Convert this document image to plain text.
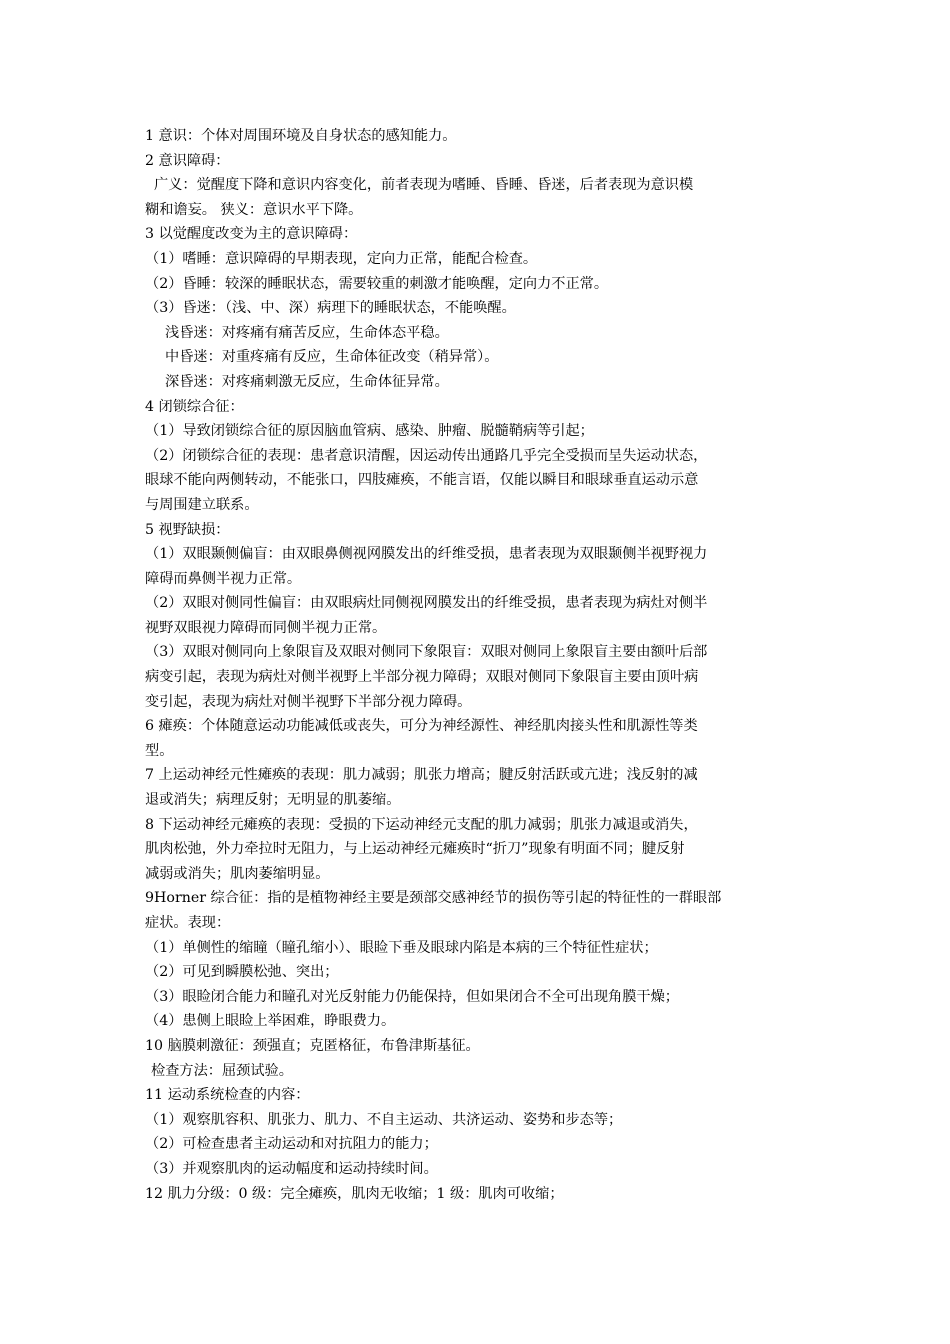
1 意识：个体对周围环境及自身状态的感知能力。
2 意识障碍：
广义：觉醒度下降和意识内容变化，前者表现为嗜睡、昏睡、昏迷，后者表现为意识模
糊和谵妄。 狭义：意识水平下降。
3 以觉醒度改变为主的意识障碍：
（1）嗜睡：意识障碍的早期表现，定向力正常，能配合检查。
（2）昏睡：较深的睡眠状态，需要较重的刺激才能唤醒，定向力不正常。
（3）昏迷：（浅、中、深）病理下的睡眠状态，不能唤醒。
浅昏迷：对疼痛有痛苦反应，生命体态平稳。
中昏迷：对重疼痛有反应，生命体征改变（稍异常）。
深昏迷：对疼痛刺激无反应，生命体征异常。
4 闭锁综合征：
（1）导致闭锁综合征的原因脑血管病、感染、肿瘤、脱髓鞘病等引起；
（2）闭锁综合征的表现：患者意识清醒，因运动传出通路几乎完全受损而呈失运动状态，
眼球不能向两侧转动，不能张口，四肢瘫痪，不能言语，仅能以瞬目和眼球垂直运动示意
与周围建立联系。
5 视野缺损：
（1）双眼颞侧偏盲：由双眼鼻侧视网膜发出的纤维受损，患者表现为双眼颞侧半视野视力
障碍而鼻侧半视力正常。
（2）双眼对侧同性偏盲：由双眼病灶同侧视网膜发出的纤维受损，患者表现为病灶对侧半
视野双眼视力障碍而同侧半视力正常。
（3）双眼对侧同向上象限盲及双眼对侧同下象限盲：双眼对侧同上象限盲主要由额叶后部
病变引起，表现为病灶对侧半视野上半部分视力障碍；双眼对侧同下象限盲主要由顶叶病
变引起，表现为病灶对侧半视野下半部分视力障碍。
6 瘫痪：个体随意运动功能减低或丧失，可分为神经源性、神经肌肉接头性和肌源性等类
型。
7 上运动神经元性瘫痪的表现：肌力减弱；肌张力增高；腱反射活跃或亢进；浅反射的减
退或消失；病理反射；无明显的肌萎缩。
8 下运动神经元瘫痪的表现：受损的下运动神经元支配的肌力减弱；肌张力减退或消失，
肌肉松弛，外力牵拉时无阻力，与上运动神经元瘫痪时“折刀”现象有明面不同；腱反射
减弱或消失；肌肉萎缩明显。
9Horner 综合征：指的是植物神经主要是颈部交感神经节的损伤等引起的特征性的一群眼部
症状。表现：
（1）单侧性的缩瞳（瞳孔缩小）、眼睑下垂及眼球内陷是本病的三个特征性症状；
（2）可见到瞬膜松弛、突出；
（3）眼睑闭合能力和瞳孔对光反射能力仍能保持，但如果闭合不全可出现角膜干燥；
（4）患侧上眼睑上举困难，睁眼费力。
10 脑膜刺激征：颈强直；克匿格征，布鲁津斯基征。
检查方法：屈颈试验。
11 运动系统检查的内容：
（1）观察肌容积、肌张力、肌力、不自主运动、共济运动、姿势和步态等；
（2）可检查患者主动运动和对抗阻力的能力；
（3）并观察肌肉的运动幅度和运动持续时间。
12 肌力分级：0 级：完全瘫痪，肌肉无收缩；1 级：肌肉可收缩；
